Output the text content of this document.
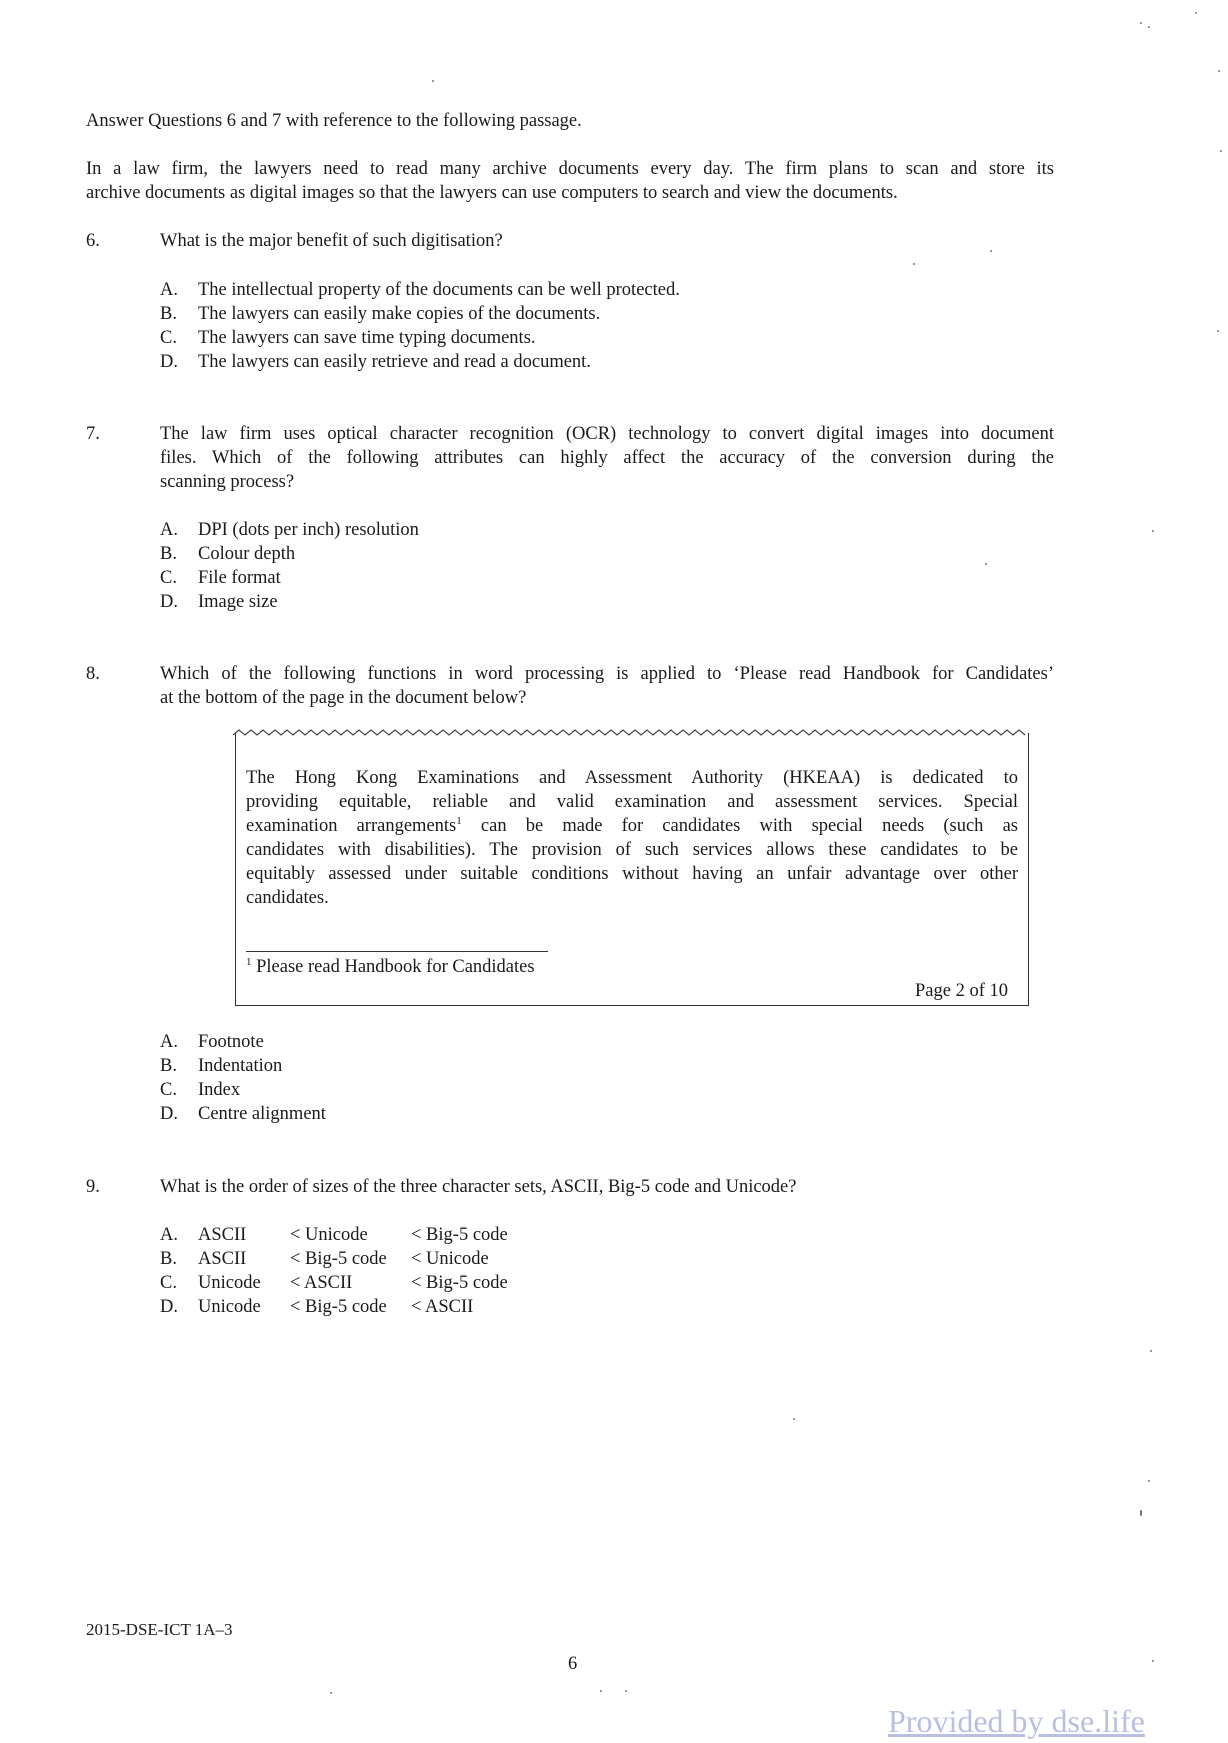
Answer Questions 6 and 7 with reference to the following passage.
In a law firm, the lawyers need to read many archive documents every day. The firm plans to scan and store its
archive documents as digital images so that the lawyers can use computers to search and view the documents.
6.	What is the major benefit of such digitisation?
A. The intellectual property of the documents can be well protected.
B. The lawyers can easily make copies of the documents.
C. The lawyers can save time typing documents.
D. The lawyers can easily retrieve and read a document.
7.	The law firm uses optical character recognition (OCR) technology to convert digital images into document
files. Which of the following attributes can highly affect the accuracy of the conversion during the
scanning process?
A. DPI (dots per inch) resolution
B. Colour depth
C. File format
D. Image size
8.	Which of the following functions in word processing is applied to ‘Please read Handbook for Candidates’
at the bottom of the page in the document below?
The Hong Kong Examinations and Assessment Authority (HKEAA) is dedicated to
providing equitable, reliable and valid examination and assessment services. Special
examination arrangements$^1$ can be made for candidates with special needs (such as
candidates with disabilities). The provision of such services allows these candidates to be
equitably assessed under suitable conditions without having an unfair advantage over other
candidates.
$^1$ Please read Handbook for Candidates
Page 2 of 10
A. Footnote
B. Indentation
C. Index
D. Centre alignment
9.	What is the order of sizes of the three character sets, ASCII, Big-5 code and Unicode?
A. ASCII < Unicode < Big-5 code
B. ASCII < Big-5 code < Unicode
C. Unicode < ASCII	< Big-5 code
D. Unicode < Big-5 code < ASCII
2015-DSE-ICT 1A–3
6
Provided by dse.life
